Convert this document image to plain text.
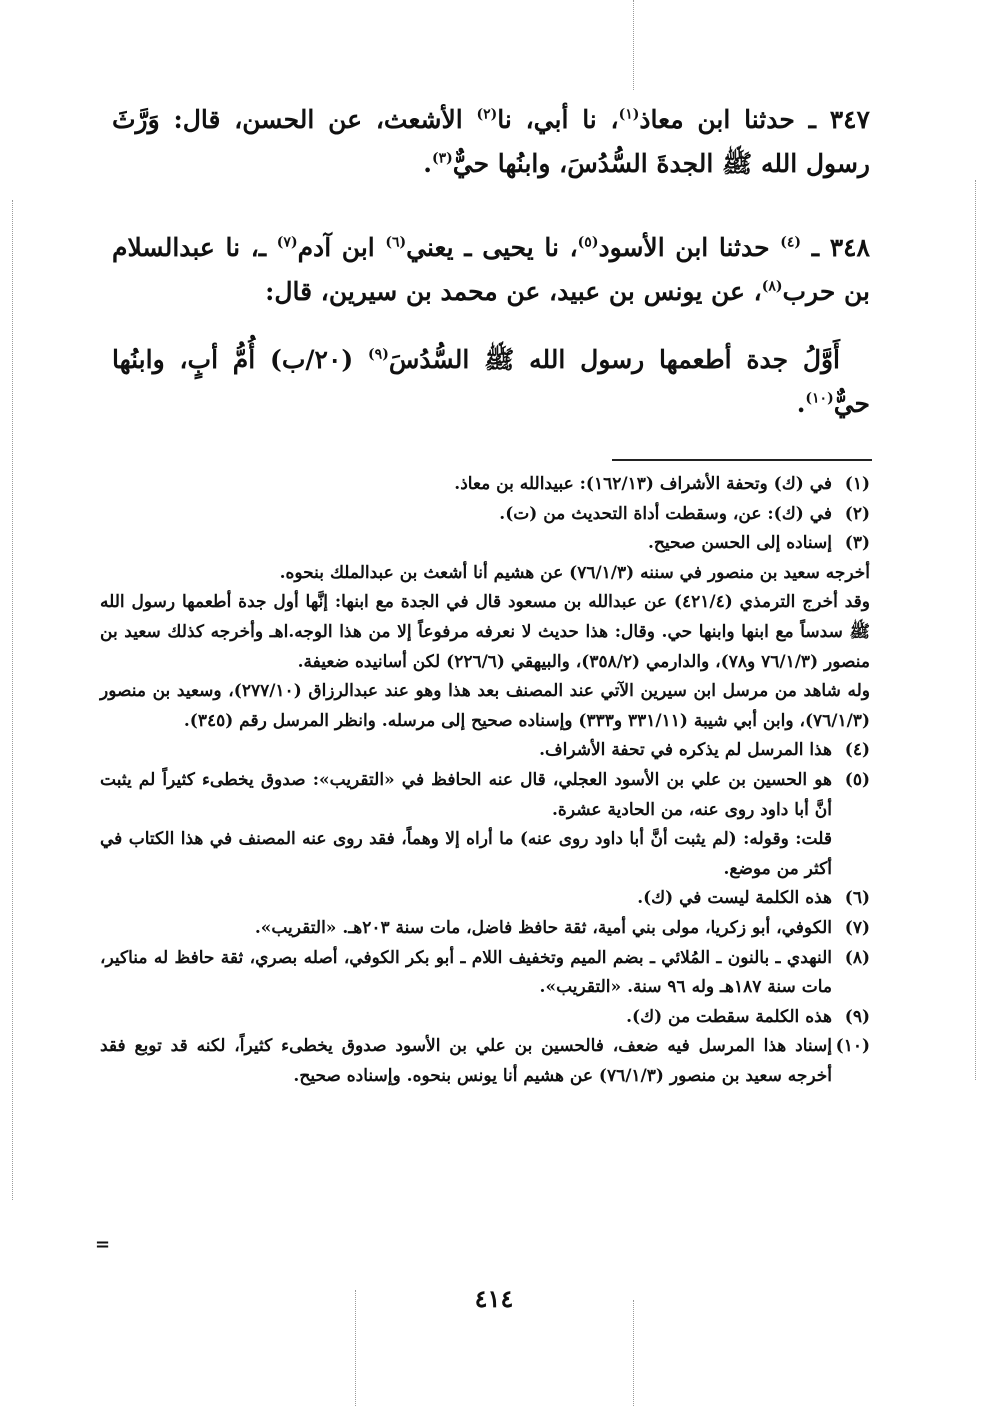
٣٤٧ ـ حدثنا ابن معاذ$^{(١)}$، نا أبي، نا$^{(٢)}$ الأشعث، عن الحسن، قال: وَرَّثَ رسول الله ﷺ الجدةَ السُّدُسَ، وابنُها حيٌّ$^{(٣)}$.
٣٤٨ ـ $^{(٤)}$ حدثنا ابن الأسود$^{(٥)}$، نا يحيى ـ يعني$^{(٦)}$ ابن آدم$^{(٧)}$ ـ، نا عبدالسلام بن حرب$^{(٨)}$، عن يونس بن عبيد، عن محمد بن سيرين، قال:
أَوَّلُ جدة أطعمها رسول الله ﷺ السُّدُسَ$^{(٩)}$ (٢٠/ب) أُمُّ أبٍ، وابنُها حيٌّ$^{(١٠)}$.
(١)

في (ك) وتحفة الأشراف (١٦٢/١٣): عبيدالله بن معاذ.

(٢)

في (ك): عن، وسقطت أداة التحديث من (ت).

(٣)

إسناده إلى الحسن صحيح.

أخرجه سعيد بن منصور في سننه (٧٦/١/٣) عن هشيم أنا أشعث بن عبدالملك بنحوه.

وقد أخرج الترمذي (٤٢١/٤) عن عبدالله بن مسعود قال في الجدة مع ابنها: إنَّها أول جدة أطعمها رسول الله ﷺ سدساً مع ابنها وابنها حي. وقال: هذا حديث لا نعرفه مرفوعاً إلا من هذا الوجه.اهـ وأخرجه كذلك سعيد بن منصور (٧٦/١/٣ و٧٨)، والدارمي (٣٥٨/٢)، والبيهقي (٢٢٦/٦) لكن أسانيده ضعيفة.

وله شاهد من مرسل ابن سيرين الآتي عند المصنف بعد هذا وهو عند عبدالرزاق (٢٧٧/١٠)، وسعيد بن منصور (٧٦/١/٣)، وابن أبي شيبة (٣٣١/١١ و٣٣٣) وإسناده صحيح إلى مرسله. وانظر المرسل رقم (٣٤٥).

(٤)

هذا المرسل لم يذكره في تحفة الأشراف.

(٥)

هو الحسين بن علي بن الأسود العجلي، قال عنه الحافظ في «التقريب»: صدوق يخطىء كثيراً لم يثبت أنَّ أبا داود روى عنه، من الحادية عشرة.

قلت: وقوله: (لم يثبت أنَّ أبا داود روى عنه) ما أراه إلا وهماً، فقد روى عنه المصنف في هذا الكتاب في أكثر من موضع.

(٦)

هذه الكلمة ليست في (ك).

(٧)

الكوفي، أبو زكريا، مولى بني أمية، ثقة حافظ فاضل، مات سنة ٢٠٣هـ. «التقريب».

(٨)

النهدي ـ بالنون ـ المُلائي ـ بضم الميم وتخفيف اللام ـ أبو بكر الكوفي، أصله بصري، ثقة حافظ له مناكير، مات سنة ١٨٧هـ وله ٩٦ سنة. «التقريب».

(٩)

هذه الكلمة سقطت من (ك).

(١٠)

إسناد هذا المرسل فيه ضعف، فالحسين بن علي بن الأسود صدوق يخطىء كثيراً، لكنه قد توبع فقد أخرجه سعيد بن منصور (٧٦/١/٣) عن هشيم أنا يونس بنحوه. وإسناده صحيح.

=
٤١٤
